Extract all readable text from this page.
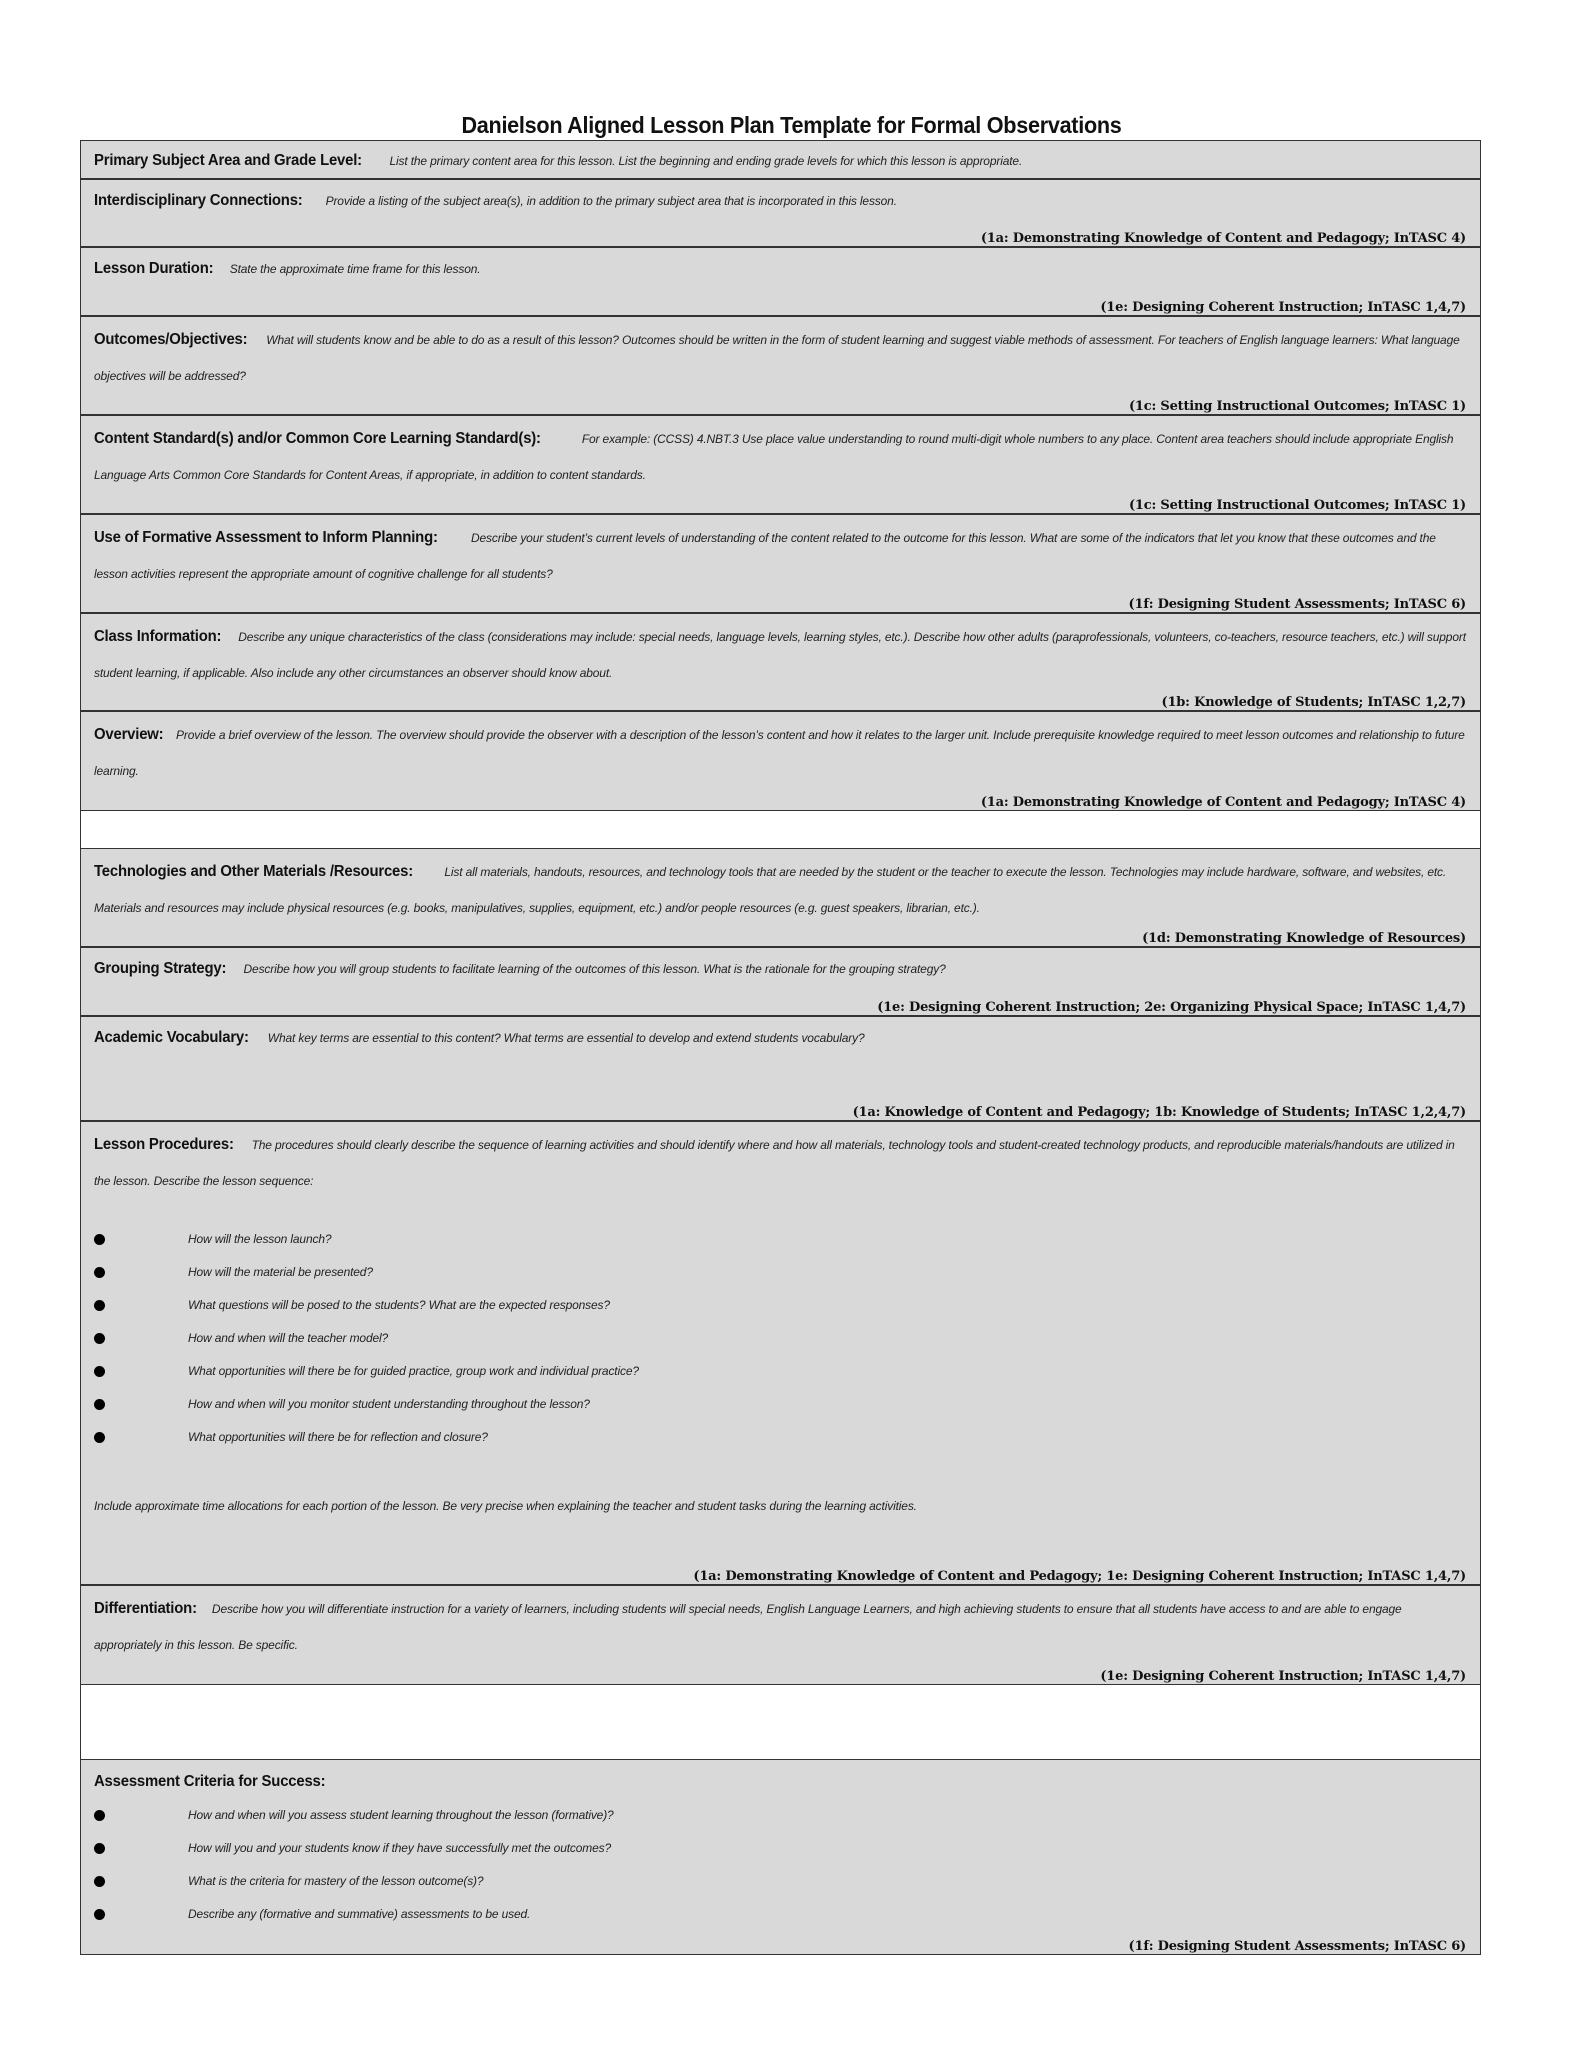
Danielson Aligned Lesson Plan Template for Formal Observations
Primary Subject Area and Grade Level: List the primary content area for this lesson. List the beginning and ending grade levels for which this lesson is appropriate.
Interdisciplinary Connections: Provide a listing of the subject area(s), in addition to the primary subject area that is incorporated in this lesson.
(1a: Demonstrating Knowledge of Content and Pedagogy; InTASC 4)
Lesson Duration: State the approximate time frame for this lesson.
(1e: Designing Coherent Instruction; InTASC 1,4,7)
Outcomes/Objectives: What will students know and be able to do as a result of this lesson? Outcomes should be written in the form of student learning and suggest viable methods of assessment. For teachers of English language learners: What language objectives will be addressed?
(1c: Setting Instructional Outcomes; InTASC 1)
Content Standard(s) and/or Common Core Learning Standard(s):	For example: (CCSS) 4.NBT.3 Use place value understanding to round multi-digit whole numbers to any place. Content area teachers should include appropriate English Language Arts Common Core Standards for Content Areas, if appropriate, in addition to content standards.
(1c: Setting Instructional Outcomes; InTASC 1)
Use of Formative Assessment to Inform Planning:	Describe your student’s current levels of understanding of the content related to the outcome for this lesson. What are some of the indicators that let you know that these outcomes and the lesson activities represent the appropriate amount of cognitive challenge for all students?
(1f: Designing Student Assessments; InTASC 6)
Class Information: Describe any unique characteristics of the class (considerations may include: special needs, language levels, learning styles, etc.). Describe how other adults (paraprofessionals, volunteers, co-teachers, resource teachers, etc.) will support student learning, if applicable. Also include any other circumstances an observer should know about.
(1b: Knowledge of Students; InTASC 1,2,7)
Overview: Provide a brief overview of the lesson. The overview should provide the observer with a description of the lesson’s content and how it relates to the larger unit. Include prerequisite knowledge required to meet lesson outcomes and relationship to future learning.
(1a: Demonstrating Knowledge of Content and Pedagogy; InTASC 4)
Technologies and Other Materials /Resources:	List all materials, handouts, resources, and technology tools that are needed by the student or the teacher to execute the lesson. Technologies may include hardware, software, and websites, etc. Materials and resources may include physical resources (e.g. books, manipulatives, supplies, equipment, etc.) and/or people resources (e.g. guest speakers, librarian, etc.).
(1d: Demonstrating Knowledge of Resources)
Grouping Strategy: Describe how you will group students to facilitate learning of the outcomes of this lesson. What is the rationale for the grouping strategy?
(1e: Designing Coherent Instruction; 2e: Organizing Physical Space; InTASC 1,4,7)
Academic Vocabulary: What key terms are essential to this content? What terms are essential to develop and extend students vocabulary?
(1a: Knowledge of Content and Pedagogy; 1b: Knowledge of Students; InTASC 1,2,4,7)
Lesson Procedures: The procedures should clearly describe the sequence of learning activities and should identify where and how all materials, technology tools and student-created technology products, and reproducible materials/handouts are utilized in the lesson. Describe the lesson sequence:
How will the lesson launch?
How will the material be presented?
What questions will be posed to the students? What are the expected responses?
How and when will the teacher model?
What opportunities will there be for guided practice, group work and individual practice?
How and when will you monitor student understanding throughout the lesson?
What opportunities will there be for reflection and closure?
Include approximate time allocations for each portion of the lesson. Be very precise when explaining the teacher and student tasks during the learning activities.
(1a: Demonstrating Knowledge of Content and Pedagogy; 1e: Designing Coherent Instruction; InTASC 1,4,7)
Differentiation: Describe how you will differentiate instruction for a variety of learners, including students will special needs, English Language Learners, and high achieving students to ensure that all students have access to and are able to engage appropriately in this lesson. Be specific.
(1e: Designing Coherent Instruction; InTASC 1,4,7)
Assessment Criteria for Success:
How and when will you assess student learning throughout the lesson (formative)?
How will you and your students know if they have successfully met the outcomes?
What is the criteria for mastery of the lesson outcome(s)?
Describe any (formative and summative) assessments to be used.
(1f: Designing Student Assessments; InTASC 6)
